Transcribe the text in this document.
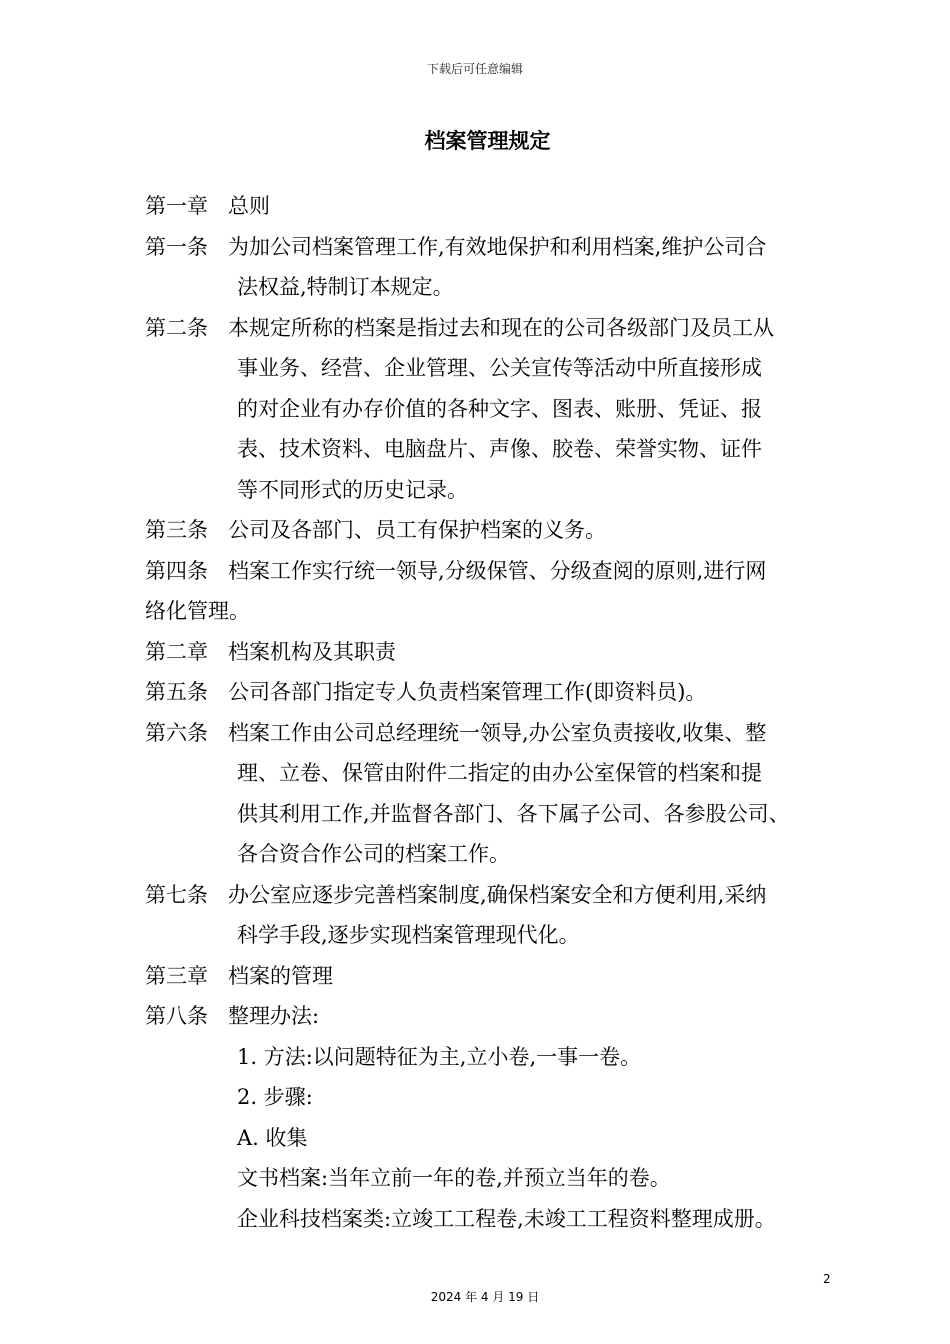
下载后可任意编辑
档案管理规定
第一章 总则
第一条 为加公司档案管理工作,有效地保护和利用档案,维护公司合
法权益,特制订本规定。
第二条 本规定所称的档案是指过去和现在的公司各级部门及员工从
事业务、经营、企业管理、公关宣传等活动中所直接形成
的对企业有办存价值的各种文字、图表、账册、凭证、报
表、技术资料、电脑盘片、声像、胶卷、荣誉实物、证件
等不同形式的历史记录。
第三条 公司及各部门、员工有保护档案的义务。
第四条 档案工作实行统一领导,分级保管、分级查阅的原则,进行网
络化管理。
第二章 档案机构及其职责
第五条 公司各部门指定专人负责档案管理工作(即资料员)。
第六条 档案工作由公司总经理统一领导,办公室负责接收,收集、整
理、立卷、保管由附件二指定的由办公室保管的档案和提
供其利用工作,并监督各部门、各下属子公司、各参股公司、
各合资合作公司的档案工作。
第七条 办公室应逐步完善档案制度,确保档案安全和方便利用,采纳
科学手段,逐步实现档案管理现代化。
第三章 档案的管理
第八条 整理办法:
1. 方法:以问题特征为主,立小卷,一事一卷。
2. 步骤:
A. 收集
文书档案:当年立前一年的卷,并预立当年的卷。
企业科技档案类:立竣工工程卷,未竣工工程资料整理成册。
2
2024 年 4 月 19 日
